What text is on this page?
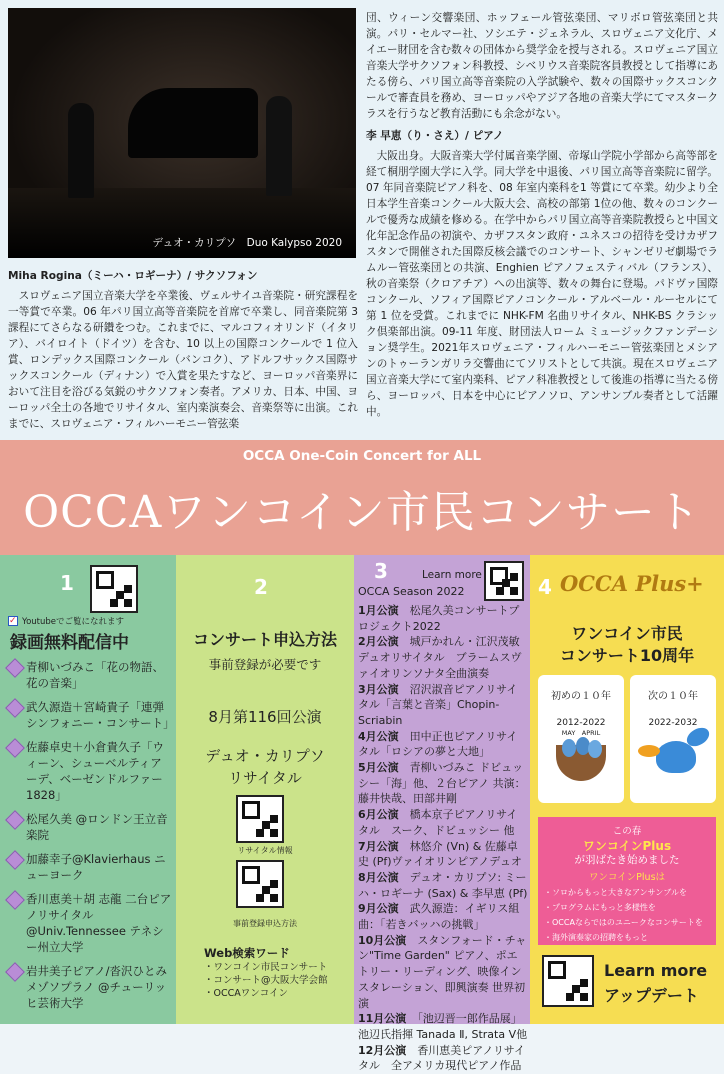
デュオ・カリプソ　Duo Kalypso 2020
団、ウィーン交響楽団、ホッフェール管弦楽団、マリボロ管弦楽団と共演。パリ・セルマー社、ソシエテ・ジェネラル、スロヴェニア文化庁、メイエー財団を含む数々の団体から奨学金を授与される。スロヴェニア国立音楽大学サクソフォン科教授、シベリウス音楽院客員教授として指導にあたる傍ら、パリ国立高等音楽院の入学試験や、数々の国際サックスコンクールで審査員を務め、ヨーロッパやアジア各地の音楽大学にてマスタークラスを行うなど教育活動にも余念がない。
李 早恵（り・さえ）/ ピアノ
大阪出身。大阪音楽大学付属音楽学園、帝塚山学院小学部から高等部を経て桐朋学園大学に入学。同大学を中退後、パリ国立高等音楽院に留学。07 年同音楽院ピアノ科を、08 年室内楽科を1 等賞にて卒業。幼少より全日本学生音楽コンクール大阪大会、高校の部第 1位の他、数々のコンクールで優秀な成績を修める。在学中からパリ国立高等音楽院教授らと中国文化年記念作品の初演や、カザフスタン政府・ユネスコの招待を受けカザフスタンで開催された国際反核会議でのコンサート、シャンゼリゼ劇場でラムルー管弦楽団との共演、Enghien ピアノフェスティバル（フランス）、秋の音楽祭（クロアチア）への出演等、数々の舞台に登場。パドヴァ国際コンクール、ソフィア国際ピアノコンクール・アルベール・ルーセルにて第 1 位を受賞。これまでに NHK-FM 名曲リサイタル、NHK-BS クラシック倶楽部出演。09-11 年度、財団法人ローム ミュージックファンデーション奨学生。2021年スロヴェニア・フィルハーモニー管弦楽団とメシアンのトゥーランガリラ交響曲にてソリストとして共演。現在スロヴェニア国立音楽大学にて室内楽科、ピアノ科准教授として後進の指導に当たる傍ら、ヨーロッパ、日本を中心にピアノソロ、アンサンブル奏者として活躍中。
Miha Rogina（ミーハ・ロギーナ）/ サクソフォン
スロヴェニア国立音楽大学を卒業後、ヴェルサイユ音楽院・研究課程を一等賞で卒業。06 年パリ国立高等音楽院を首席で卒業し、同音楽院第 3 課程にてさらなる研鑽をつむ。これまでに、マルコフィオリンド（イタリア）、バイロイト（ドイツ）を含む、10 以上の国際コンクールで 1 位入賞、ロンデックス国際コンクール（バンコク）、アドルフサックス国際サックスコンクール（ディナン）で入賞を果たすなど、ヨーロッパ音楽界において注目を浴びる気鋭のサクソフォン奏者。アメリカ、日本、中国、ヨーロッパ全土の各地でリサイタル、室内楽演奏会、音楽祭等に出演。これまでに、スロヴェニア・フィルハーモニー管弦楽
OCCA One-Coin Concert for ALL
OCCAワンコイン市民コンサート
1
✓ Youtubeでご覧になれます
録画無料配信中
青柳いづみこ「花の物語、花の音楽」
武久源造＋宮崎貴子「連弾シンフォニー・コンサート」
佐藤卓史＋小倉貴久子「ウィーン、シューベルティアーデ、ベーゼンドルファー1828」
松尾久美 @ロンドン王立音楽院
加藤幸子@Klavierhaus ニューヨーク
香川恵美＋胡 志龍 二台ピアノリサイタル @Univ.Tennessee テネシー州立大学
岩井美子ピアノ/沓沢ひとみメゾソプラノ @チューリッヒ芸術大学
2
コンサート申込方法
事前登録が必要です
8月第116回公演
デュオ・カリプソ
リサイタル
リサイタル情報
事前登録申込方法
Web検索ワード
・ワンコイン市民コンサート
・コンサート@大阪大学会館
・OCCAワンコイン
3	Learn more
OCCA Season 2022
1月公演　 松尾久美コンサートプロジェクト2022
2月公演　 城戸かれん・江沢茂敏デュオリサイタル　ブラームスヴァイオリンソナタ全曲演奏
3月公演　 沼沢淑音ピアノリサイタル「言葉と音楽」Chopin-Scriabin
4月公演　 田中正也ピアノリサイタル「ロシアの夢と大地」
5月公演　 青柳いづみこ ドビュッシー「海」他、２台ピアノ 共演：藤井快哉、田部井剛
6月公演　 橋本京子ピアノリサイタル　スーク、ドビュッシー 他
7月公演　 林悠介 (Vn) & 佐藤卓史 (Pf)ヴァイオリンピアノデュオ
8月公演　 デュオ・カリプソ: ミーハ・ロギーナ (Sax) & 李早恵 (Pf)
9月公演　 武久源造：イギリス組曲：「若きバッハの挑戦」
10月公演　 スタンフォード・チャン"Time Garden" ピアノ、ポエトリー・リーディング、映像インスタレーション、即興演奏 世界初演
11月公演　 「池辺晋一郎作品展」池辺氏指揮 Tanada Ⅱ, Strata Ⅴ他
12月公演　 香川恵美ピアノリサイタル　全アメリカ現代ピアノ作品
4 OCCA Plus+
ワンコイン市民
コンサート10周年
初めの１０年
2012-2022
MAY　APRIL
次の１０年
2022-2032
この春
ワンコインPlus
が羽ばたき始めました
ワンコインPlusは
・ソロからもっと大きなアンサンブルを
・プログラムにもっと多様性を
・OCCAならではのユニークなコンサートを
・海外演奏家の招聘をもっと
Learn more
アップデート
